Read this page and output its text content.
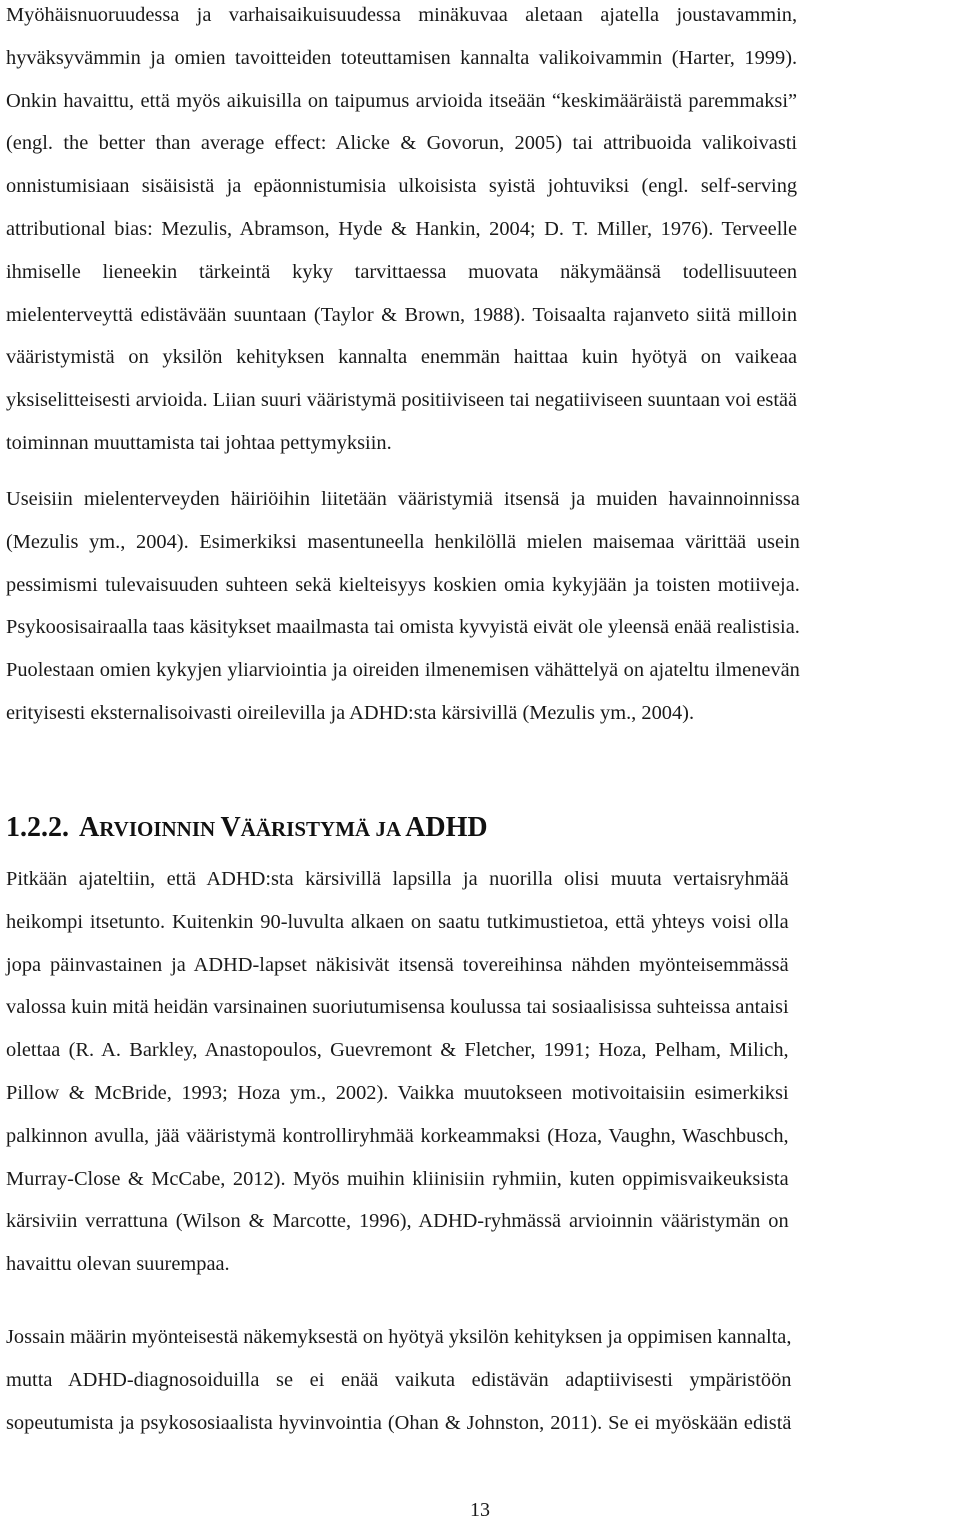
Myöhäisnuoruudessa ja varhaisaikuisuudessa minäkuvaa aletaan ajatella joustavammin,
hyväksyvämmin ja omien tavoitteiden toteuttamisen kannalta valikoivammin (Harter, 1999).
Onkin havaittu, että myös aikuisilla on taipumus arvioida itseään “keskimääräistä paremmaksi”
(engl. the better than average effect: Alicke & Govorun, 2005) tai attribuoida valikoivasti
onnistumisiaan sisäisistä ja epäonnistumisia ulkoisista syistä johtuviksi (engl. self-serving
attributional bias: Mezulis, Abramson, Hyde & Hankin, 2004; D. T. Miller, 1976). Terveelle
ihmiselle lieneekin tärkeintä kyky tarvittaessa muovata näkymäänsä todellisuuteen
mielenterveyttä edistävään suuntaan (Taylor & Brown, 1988). Toisaalta rajanveto siitä milloin
vääristymistä on yksilön kehityksen kannalta enemmän haittaa kuin hyötyä on vaikeaa
yksiselitteisesti arvioida. Liian suuri vääristymä positiiviseen tai negatiiviseen suuntaan voi estää
toiminnan muuttamista tai johtaa pettymyksiin.
Useisiin mielenterveyden häiriöihin liitetään vääristymiä itsensä ja muiden havainnoinnissa
(Mezulis ym., 2004). Esimerkiksi masentuneella henkilöllä mielen maisemaa värittää usein
pessimismi tulevaisuuden suhteen sekä kielteisyys koskien omia kykyjään ja toisten motiiveja.
Psykoosisairaalla taas käsitykset maailmasta tai omista kyvyistä eivät ole yleensä enää realistisia.
Puolestaan omien kykyjen yliarviointia ja oireiden ilmenemisen vähättelyä on ajateltu ilmenevän
erityisesti eksternalisoivasti oireilevilla ja ADHD:sta kärsivillä (Mezulis ym., 2004).
1.2.2. ARVIOINNIN VÄÄRISTYMÄ JA ADHD
Pitkään ajateltiin, että ADHD:sta kärsivillä lapsilla ja nuorilla olisi muuta vertaisryhmää
heikompi itsetunto. Kuitenkin 90-luvulta alkaen on saatu tutkimustietoa, että yhteys voisi olla
jopa päinvastainen ja ADHD-lapset näkisivät itsensä tovereihinsa nähden myönteisemmässä
valossa kuin mitä heidän varsinainen suoriutumisensa koulussa tai sosiaalisissa suhteissa antaisi
olettaa (R. A. Barkley, Anastopoulos, Guevremont & Fletcher, 1991; Hoza, Pelham, Milich,
Pillow & McBride, 1993; Hoza ym., 2002). Vaikka muutokseen motivoitaisiin esimerkiksi
palkinnon avulla, jää vääristymä kontrolliryhmää korkeammaksi (Hoza, Vaughn, Waschbusch,
Murray-Close & McCabe, 2012). Myös muihin kliinisiin ryhmiin, kuten oppimisvaikeuksista
kärsiviin verrattuna (Wilson & Marcotte, 1996), ADHD-ryhmässä arvioinnin vääristymän on
havaittu olevan suurempaa.
Jossain määrin myönteisestä näkemyksestä on hyötyä yksilön kehityksen ja oppimisen kannalta,
mutta ADHD-diagnosoiduilla se ei enää vaikuta edistävän adaptiivisesti ympäristöön
sopeutumista ja psykososiaalista hyvinvointia (Ohan & Johnston, 2011). Se ei myöskään edistä
13
